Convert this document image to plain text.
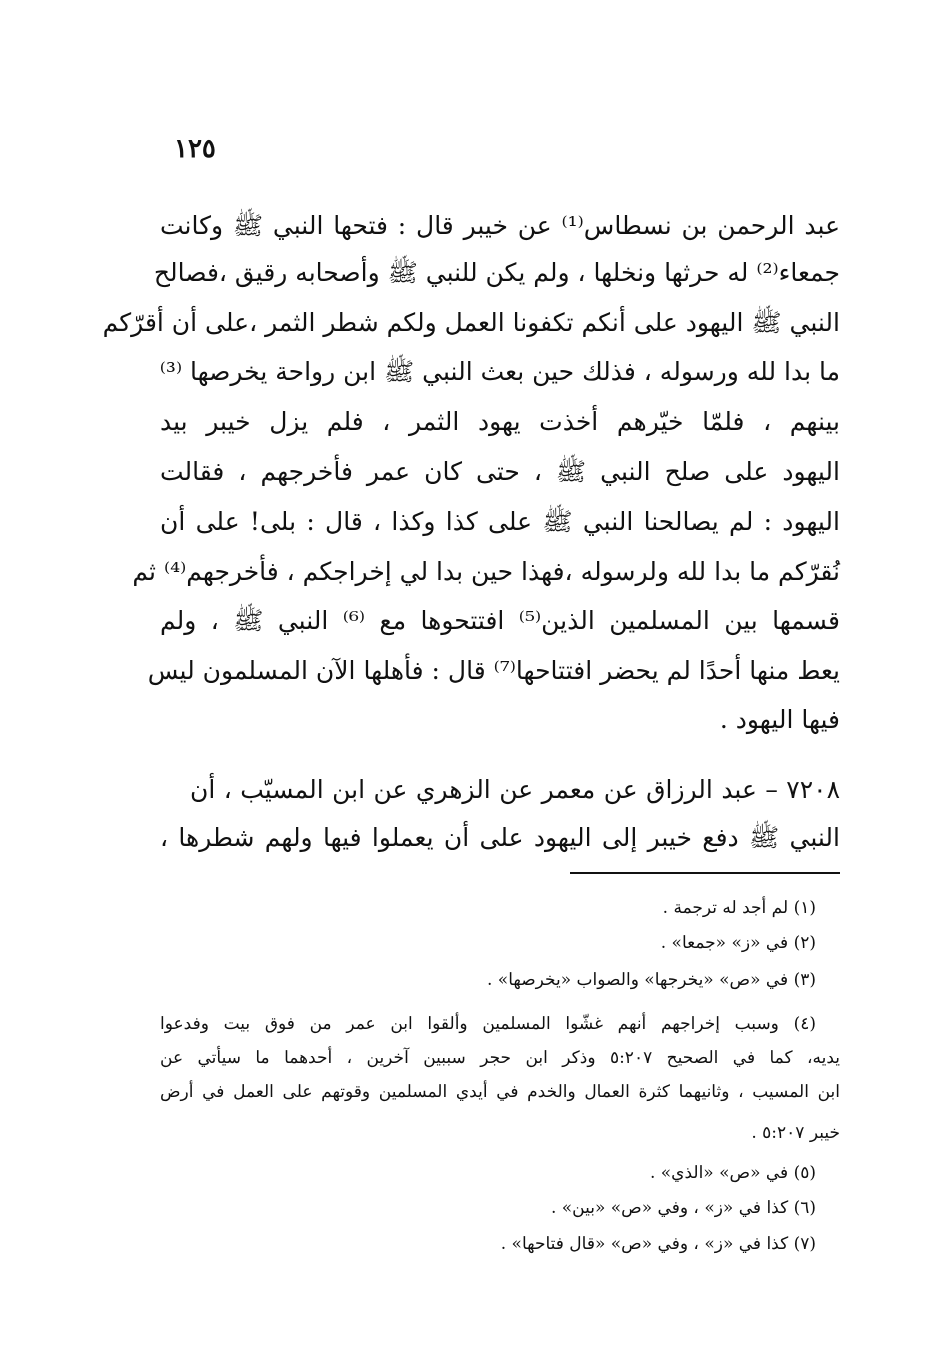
١٢٥
عبد الرحمن بن نسطاس⁽¹⁾ عن خيبر قال : فتحها النبي ﷺ وكانت
جمعاء⁽²⁾ له حرثها ونخلها ، ولم يكن للنبي ﷺ وأصحابه رقيق ،فصالح
النبي ﷺ اليهود على أنكم تكفونا العمل ولكم شطر الثمر ،على أن أقرّكم
ما بدا لله ورسوله ، فذلك حين بعث النبي ﷺ ابن رواحة يخرصها ⁽³⁾
بينهم ، فلمّا خيّرهم أخذت يهود الثمر ، فلم يزل خيبر بيد
اليهود على صلح النبي ﷺ ، حتى كان عمر فأخرجهم ، فقالت
اليهود : لم يصالحنا النبي ﷺ على كذا وكذا ، قال : بلى! على أن
نُقرّكم ما بدا لله ولرسوله ،فهذا حين بدا لي إخراجكم ، فأخرجهم⁽⁴⁾ ثم
قسمها بين المسلمين الذين⁽⁵⁾ افتتحوها مع ⁽⁶⁾ النبي ﷺ ، ولم
يعط منها أحدًا لم يحضر افتتاحها⁽⁷⁾ قال : فأهلها الآن المسلمون ليس
فيها اليهود .
٧٢٠٨ – عبد الرزاق عن معمر عن الزهري عن ابن المسيّب ، أن
النبي ﷺ دفع خيبر إلى اليهود على أن يعملوا فيها ولهم شطرها ،
(١) لم أجد له ترجمة .
(٢) في «ز» «جمعا» .
(٣) في «ص» «يخرجها» والصواب «يخرصها» .
(٤) وسبب إخراجهم أنهم غشّوا المسلمين وألقوا ابن عمر من فوق بيت وفدعوا
يديه، كما في الصحيح ٥:٢٠٧ وذكر ابن حجر سببين آخرين ، أحدهما ما سيأتي عن
ابن المسيب ، وثانيهما كثرة العمال والخدم في أيدي المسلمين وقوتهم على العمل في أرض
خيبر ٥:٢٠٧ .
(٥) في «ص» «الذي» .
(٦) كذا في «ز» ، وفي «ص» «بين» .
(٧) كذا في «ز» ، وفي «ص» «قال فتاحها» .
